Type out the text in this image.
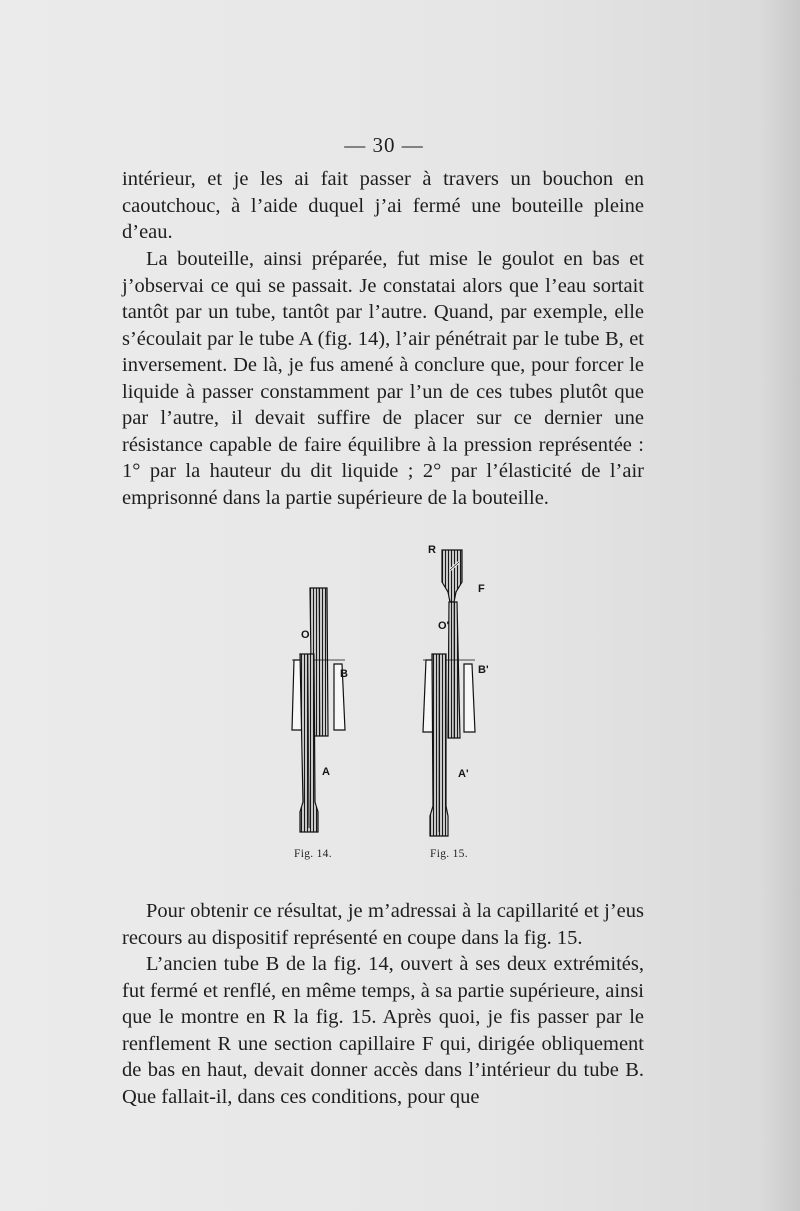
— 30 —

intérieur, et je les ai fait passer à travers un bouchon en caoutchouc, à l’aide duquel j’ai fermé une bouteille pleine d’eau.

La bouteille, ainsi préparée, fut mise le goulot en bas et j’observai ce qui se passait. Je constatai alors que l’eau sortait tantôt par un tube, tantôt par l’autre. Quand, par exemple, elle s’écoulait par le tube A (fig. 14), l’air pénétrait par le tube B, et inversement. De là, je fus amené à conclure que, pour forcer le liquide à passer constamment par l’un de ces tubes plutôt que par l’autre, il devait suffire de placer sur ce dernier une résistance capable de faire équilibre à la pression représentée : 1° par la hauteur du dit liquide ; 2° par l’élasticité de l’air emprisonné dans la partie supérieure de la bouteille.

O
B
A
R
F
O'
B'
A'
Fig. 14.	Fig. 15.

Pour obtenir ce résultat, je m’adressai à la capillarité et j’eus recours au dispositif représenté en coupe dans la fig. 15.

L’ancien tube B de la fig. 14, ouvert à ses deux extrémités, fut fermé et renflé, en même temps, à sa partie supérieure, ainsi que le montre en R la fig. 15. Après quoi, je fis passer par le renflement R une section capillaire F qui, dirigée obliquement de bas en haut, devait donner accès dans l’intérieur du tube B. Que fallait-il, dans ces conditions, pour que
